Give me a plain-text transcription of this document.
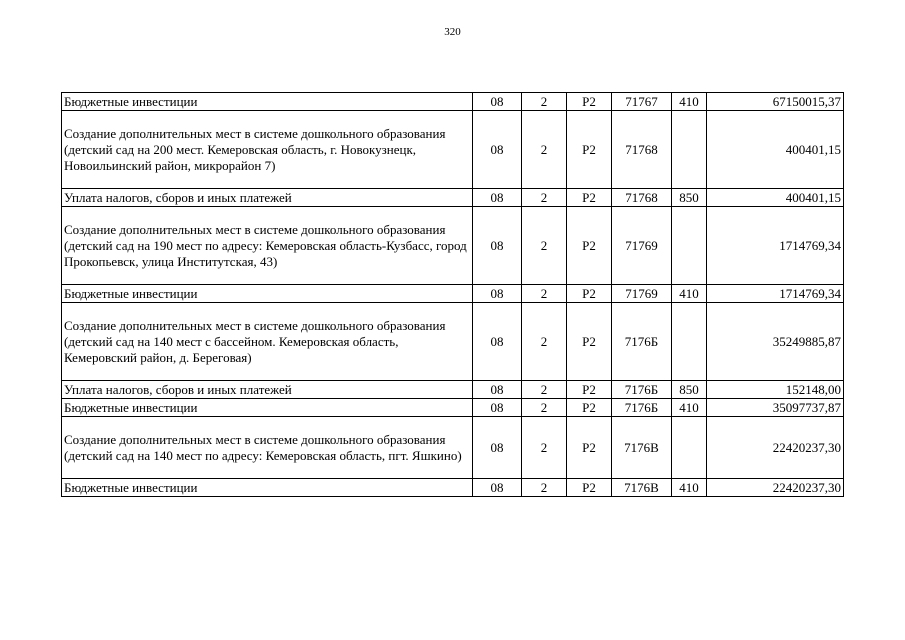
320
Бюджетные инвестиции	08	2	Р2	71767	410	67150015,37
Создание дополнительных мест в системе дошкольного образования (детский сад на 200 мест. Кемеровская область, г. Новокузнецк, Новоильинский район, микрорайон 7)	08	2	Р2	71768		400401,15
Уплата налогов, сборов и иных платежей	08	2	Р2	71768	850	400401,15
Создание дополнительных мест в системе дошкольного образования (детский сад на 190 мест по адресу: Кемеровская область-Кузбасс, город Прокопьевск, улица Институтская, 43)	08	2	Р2	71769		1714769,34
Бюджетные инвестиции	08	2	Р2	71769	410	1714769,34
Создание дополнительных мест в системе дошкольного образования (детский сад на 140 мест с бассейном. Кемеровская область, Кемеровский район, д. Береговая)	08	2	Р2	7176Б		35249885,87
Уплата налогов, сборов и иных платежей	08	2	Р2	7176Б	850	152148,00
Бюджетные инвестиции	08	2	Р2	7176Б	410	35097737,87
Создание дополнительных мест в системе дошкольного образования (детский сад на 140 мест по адресу: Кемеровская область, пгт. Яшкино)	08	2	Р2	7176В		22420237,30
Бюджетные инвестиции	08	2	Р2	7176В	410	22420237,30
